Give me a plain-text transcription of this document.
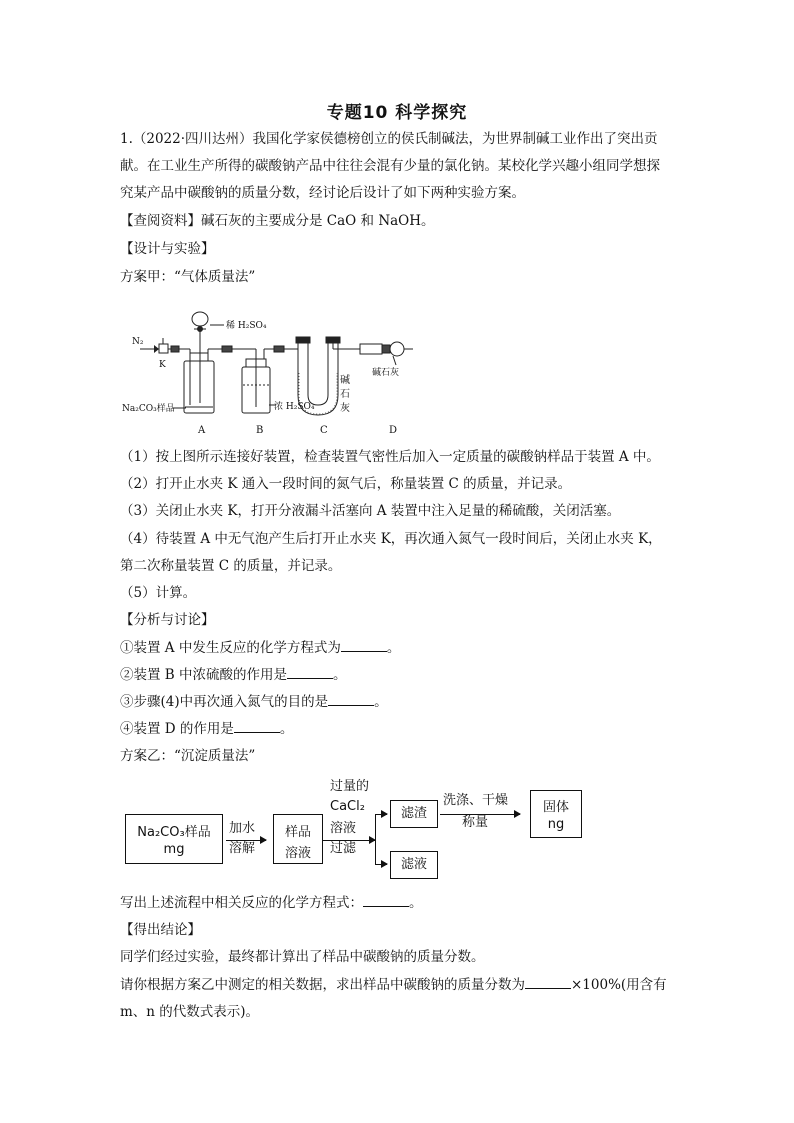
专题10 科学探究
1.（2022·四川达州）我国化学家侯德榜创立的侯氏制碱法，为世界制碱工业作出了突出贡
献。在工业生产所得的碳酸钠产品中往往会混有少量的氯化钠。某校化学兴趣小组同学想探
究某产品中碳酸钠的质量分数，经讨论后设计了如下两种实验方案。
【查阅资料】碱石灰的主要成分是 CaO 和 NaOH。
【设计与实验】
方案甲：“气体质量法”
N₂
K
稀 H₂SO₄
Na₂CO₃样品	浓 H₂SO₄
碱
石
灰
碱石灰
A	B	C	D
（1）按上图所示连接好装置，检查装置气密性后加入一定质量的碳酸钠样品于装置 A 中。
（2）打开止水夹 K 通入一段时间的氮气后，称量装置 C 的质量，并记录。
（3）关闭止水夹 K，打开分液漏斗活塞向 A 装置中注入足量的稀硫酸，关闭活塞。
（4）待装置 A 中无气泡产生后打开止水夹 K，再次通入氮气一段时间后，关闭止水夹 K，
第二次称量装置 C 的质量，并记录。
（5）计算。
【分析与讨论】
①装置 A 中发生反应的化学方程式为	。
②装置 B 中浓硫酸的作用是	。
③步骤(4)中再次通入氮气的目的是	。
④装置 D 的作用是	。
方案乙：“沉淀质量法”
Na₂CO₃样品
mg
加水
溶解
样品
溶液
过量的
CaCl₂
溶液
过滤
滤渣
滤液
洗涤、干燥
称量
固体
ng
写出上述流程中相关反应的化学方程式：	。
【得出结论】
同学们经过实验，最终都计算出了样品中碳酸钠的质量分数。
请你根据方案乙中测定的相关数据，求出样品中碳酸钠的质量分数为	×100%(用含有
m、n 的代数式表示)。
